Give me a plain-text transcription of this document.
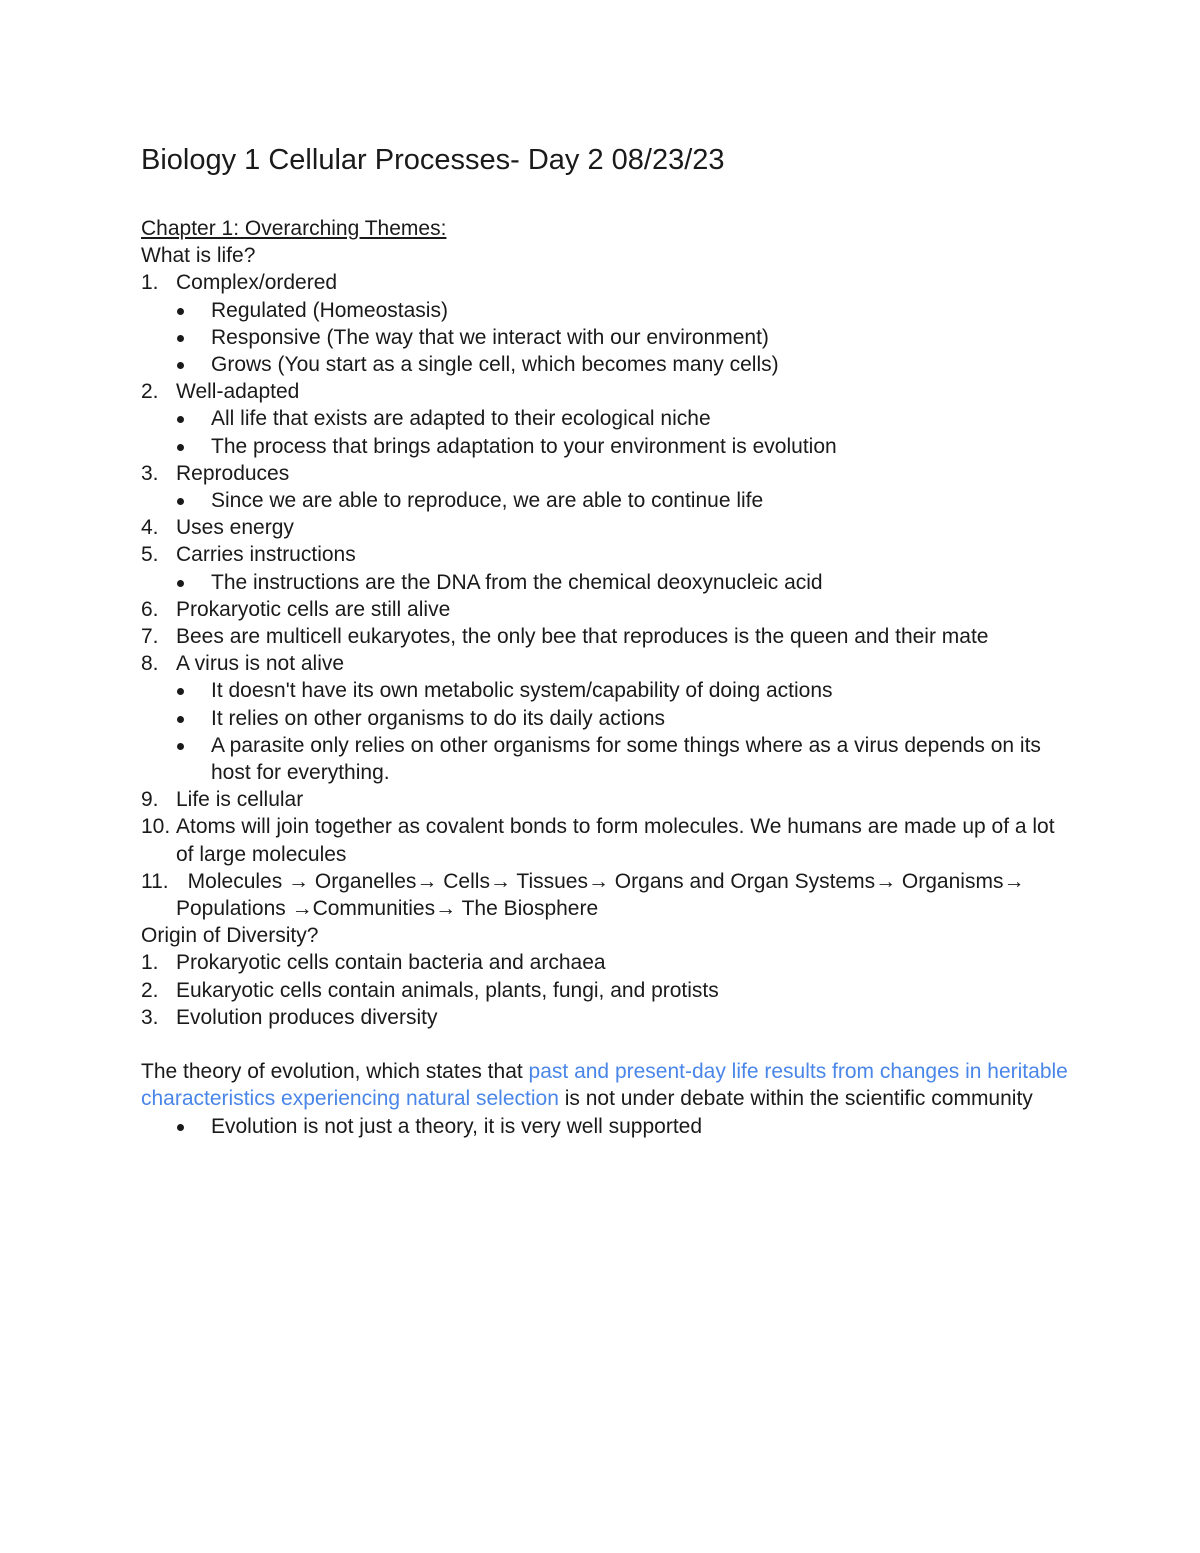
Biology 1 Cellular Processes- Day 2 08/23/23
Chapter 1: Overarching Themes:
What is life?
1. Complex/ordered
Regulated (Homeostasis)
Responsive (The way that we interact with our environment)
Grows (You start as a single cell, which becomes many cells)
2. Well-adapted
All life that exists are adapted to their ecological niche
The process that brings adaptation to your environment is evolution
3. Reproduces
Since we are able to reproduce, we are able to continue life
4. Uses energy
5. Carries instructions
The instructions are the DNA from the chemical deoxynucleic acid
6. Prokaryotic cells are still alive
7. Bees are multicell eukaryotes, the only bee that reproduces is the queen and their mate
8. A virus is not alive
It doesn't have its own metabolic system/capability of doing actions
It relies on other organisms to do its daily actions
A parasite only relies on other organisms for some things where as a virus depends on its host for everything.
9. Life is cellular
10. Atoms will join together as covalent bonds to form molecules. We humans are made up of a lot of large molecules
11. Molecules → Organelles→ Cells→ Tissues→ Organs and Organ Systems→ Organisms→ Populations →Communities→ The Biosphere
Origin of Diversity?
1. Prokaryotic cells contain bacteria and archaea
2. Eukaryotic cells contain animals, plants, fungi, and protists
3. Evolution produces diversity
The theory of evolution, which states that past and present-day life results from changes in heritable characteristics experiencing natural selection is not under debate within the scientific community
Evolution is not just a theory, it is very well supported
